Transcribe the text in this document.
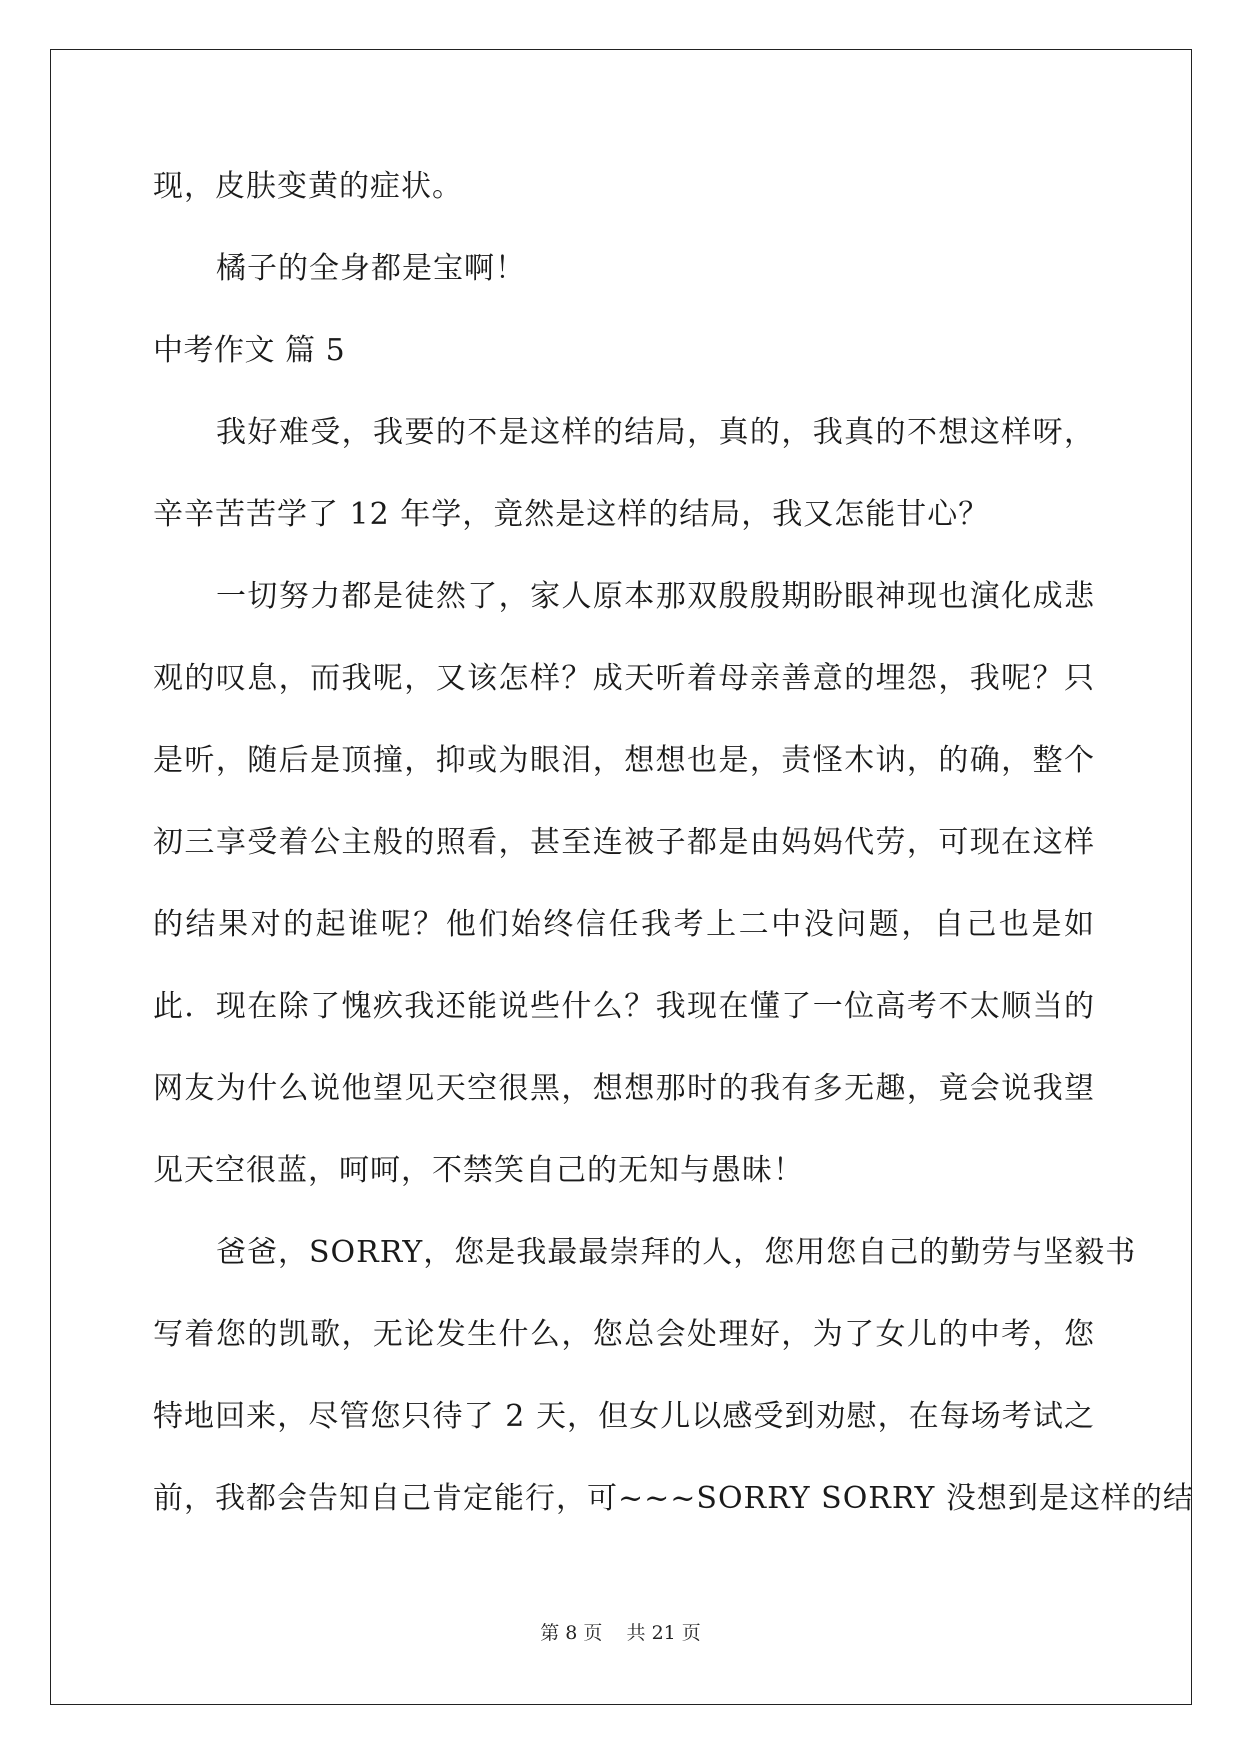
现，皮肤变黄的症状。
橘子的全身都是宝啊！
中考作文 篇 5
我好难受，我要的不是这样的结局，真的，我真的不想这样呀，
辛辛苦苦学了 12 年学，竟然是这样的结局，我又怎能甘心？
一切努力都是徒然了，家人原本那双殷殷期盼眼神现也演化成悲
观的叹息，而我呢，又该怎样？成天听着母亲善意的埋怨，我呢？只
是听，随后是顶撞，抑或为眼泪，想想也是，责怪木讷，的确，整个
初三享受着公主般的照看，甚至连被子都是由妈妈代劳，可现在这样
的结果对的起谁呢？他们始终信任我考上二中没问题，自己也是如
此．现在除了愧疚我还能说些什么？我现在懂了一位高考不太顺当的
网友为什么说他望见天空很黑，想想那时的我有多无趣，竟会说我望
见天空很蓝，呵呵，不禁笑自己的无知与愚昧！
爸爸，SORRY，您是我最最崇拜的人，您用您自己的勤劳与坚毅书
写着您的凯歌，无论发生什么，您总会处理好，为了女儿的中考，您
特地回来，尽管您只待了 2 天，但女儿以感受到劝慰，在每场考试之
前，我都会告知自己肯定能行，可~~~SORRY SORRY 没想到是这样的结
第 8 页    共 21 页
